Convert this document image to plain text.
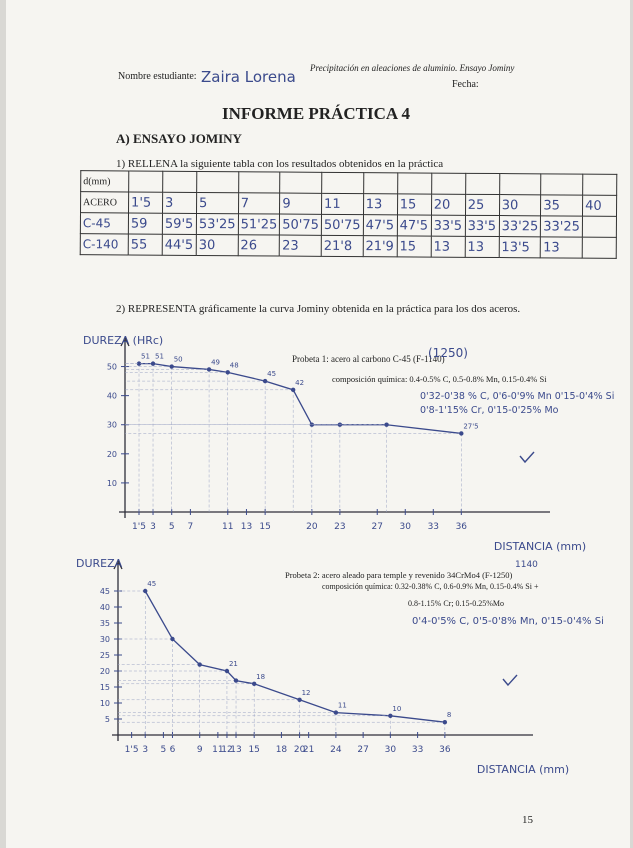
Precipitación en aleaciones de aluminio. Ensayo Jominy
Nombre estudiante: Zaira Lorena	Fecha:
INFORME PRÁCTICA 4
A) ENSAYO JOMINY
1) RELLENA la siguiente tabla con los resultados obtenidos en la práctica
d(mm)													
ACERO	1'5	3	5	7	9	11	13	15	20	25	30	35	40
C-45	59	59'5	53'25	51'25	50'75	50'75	47'5	47'5	33'5	33'5	33'25	33'25	
C-140	55	44'5	30	26	23	21'8	21'9	15	13	13	13'5	13	
2) REPRESENTA gráficamente la curva Jominy obtenida en la práctica para los dos aceros.
Probeta 1: acero al carbono C-45 (F-1140)
composición química: 0.4-0.5% C, 0.5-0.8% Mn, 0.15-0.4% Si
(1250)
0'32-0'38 % C, 0'6-0'9% Mn 0'15-0'4% Si 0'8-1'15% Cr, 0'15-0'25% Mo
Probeta 2: acero aleado para temple y revenido 34CrMo4 (F-1250)
composición química: 0.32-0.38% C, 0.6-0.9% Mn, 0.15-0.4% Si +
0.8-1.15% Cr; 0.15-0.25%Mo
1140
0'4-0'5% C, 0'5-0'8% Mn, 0'15-0'4% Si
10
20
30
40
50
1'5 3 5 7	11 13 15	20 23	27 30 33 36
DUREZA (HRc)
DISTANCIA (mm)
51 51 50	49 48
45
42
27'5
5
10
15
20
25
30
35
40
45
1'5 3 5 6 9 11
12
13 15 18 20
21 24 27 30 33 36
DUREZA
DISTANCIA (mm)
45
21
18
12
11	10
8
15
